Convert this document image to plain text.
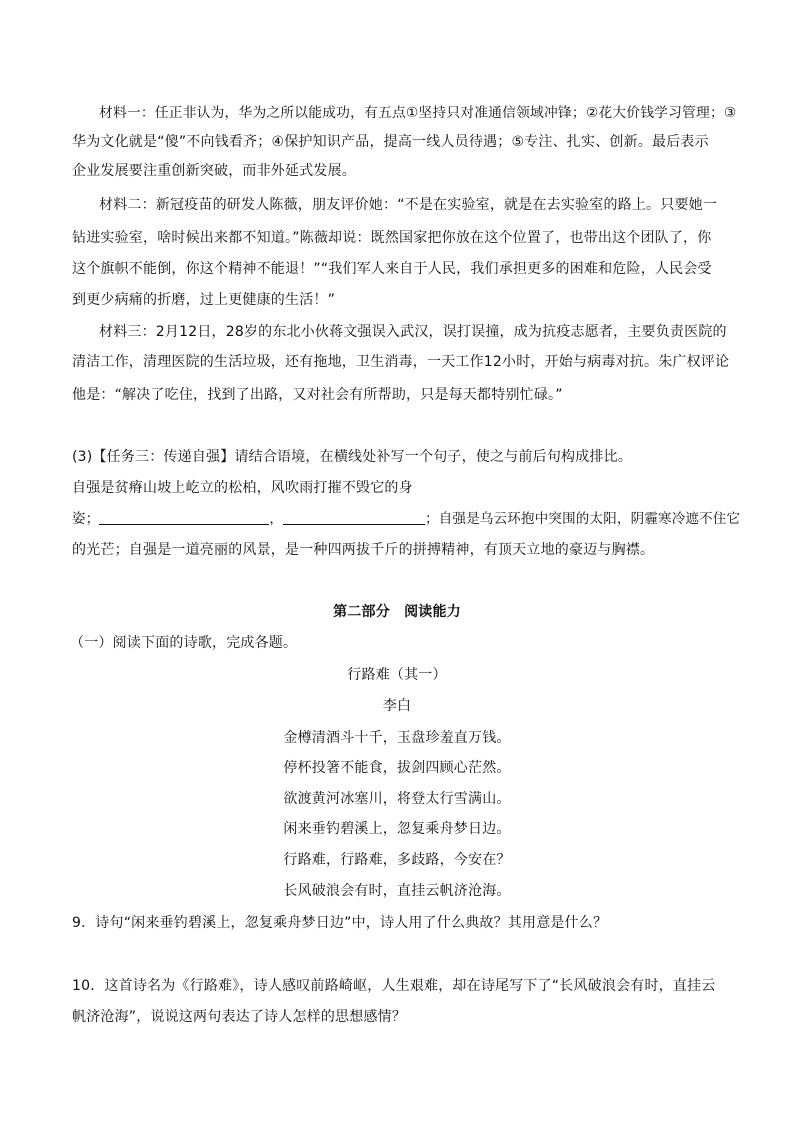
材料一：任正非认为，华为之所以能成功，有五点①坚持只对准通信领域冲锋；②花大价钱学习管理；③
华为文化就是“傻”不向钱看齐；④保护知识产品，提高一线人员待遇；⑤专注、扎实、创新。最后表示
企业发展要注重创新突破，而非外延式发展。
材料二：新冠疫苗的研发人陈薇，朋友评价她：“不是在实验室，就是在去实验室的路上。只要她一
钻进实验室，啥时候出来都不知道。”陈薇却说：既然国家把你放在这个位置了，也带出这个团队了，你
这个旗帜不能倒，你这个精神不能退！”“我们军人来自于人民，我们承担更多的困难和危险，人民会受
到更少病痛的折磨，过上更健康的生活！”
材料三：2月12日，28岁的东北小伙蒋文强误入武汉，误打误撞，成为抗疫志愿者，主要负责医院的
清洁工作，清理医院的生活垃圾，还有拖地，卫生消毒，一天工作12小时，开始与病毒对抗。朱广权评论
他是：“解决了吃住，找到了出路，又对社会有所帮助，只是每天都特别忙碌。”
(3)【任务三：传递自强】请结合语境，在横线处补写一个句子，使之与前后句构成排比。
自强是贫瘠山坡上屹立的松柏，风吹雨打摧不毁它的身
姿；	，	；自强是乌云环抱中突围的太阳，阴霾寒冷遮不住它
的光芒；自强是一道亮丽的风景，是一种四两拔千斤的拼搏精神，有顶天立地的豪迈与胸襟。
第二部分　阅读能力
（一）阅读下面的诗歌，完成各题。
行路难（其一）
李白
金樽清酒斗十千，玉盘珍羞直万钱。
停杯投箸不能食，拔剑四顾心茫然。
欲渡黄河冰塞川，将登太行雪满山。
闲来垂钓碧溪上，忽复乘舟梦日边。
行路难，行路难，多歧路，今安在？
长风破浪会有时，直挂云帆济沧海。
9．诗句“闲来垂钓碧溪上，忽复乘舟梦日边”中，诗人用了什么典故？其用意是什么？
10．这首诗名为《行路难》，诗人感叹前路崎岖，人生艰难，却在诗尾写下了“长风破浪会有时，直挂云
帆济沧海”，说说这两句表达了诗人怎样的思想感情？
